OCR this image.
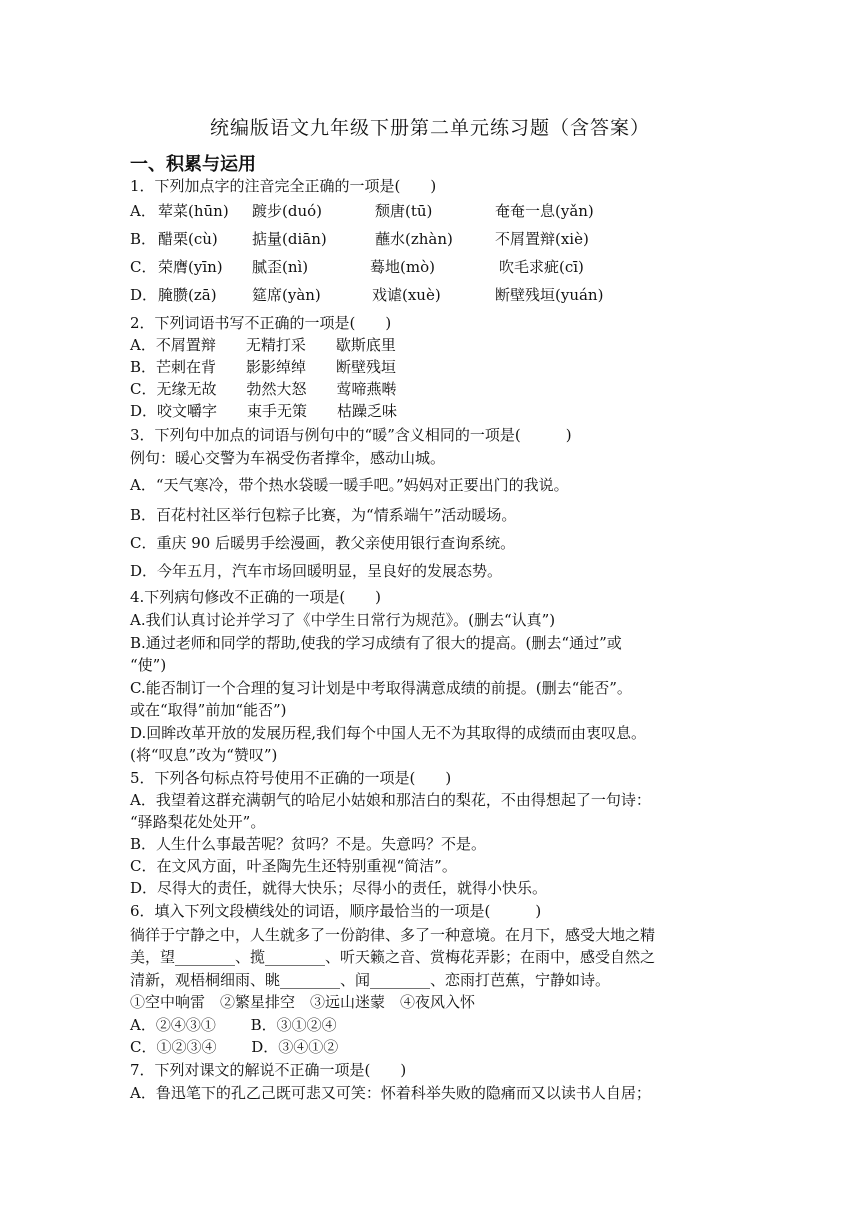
统编版语文九年级下册第二单元练习题（含答案）
一、积累与运用
1．下列加点字的注音完全正确的一项是(　　)
A． 荤菜(hūn) 踱步(duó)	颓唐(tū)	奄奄一息(yǎn)
B． 醋栗(cù) 掂量(diān)	蘸水(zhàn)	不屑置辩(xiè)
C． 荣膺(yīn) 腻歪(nì)	蓦地(mò)	吹毛求疵(cī)
D． 腌臜(zā) 筵席(yàn)	戏谑(xuè)	断壁残垣(yuán)
2．下列词语书写不正确的一项是(　　)
A．不屑置辩　　无精打采　　歇斯底里
B．芒刺在背　　影影绰绰　　断壁残垣
C．无缘无故　　勃然大怒　　莺啼燕啭
D．咬文嚼字　　束手无策　　枯躁乏味
3．下列句中加点的词语与例句中的“暖”含义相同的一项是(　　　)
例句：暖心交警为车祸受伤者撑伞，感动山城。
A．“天气寒冷，带个热水袋暖一暖手吧。”妈妈对正要出门的我说。
B．百花村社区举行包粽子比赛，为“情系端午”活动暖场。
C．重庆 90 后暖男手绘漫画，教父亲使用银行查询系统。
D．今年五月，汽车市场回暖明显，呈良好的发展态势。
4.下列病句修改不正确的一项是(　　)
A.我们认真讨论并学习了《中学生日常行为规范》。(删去“认真”)
B.通过老师和同学的帮助,使我的学习成绩有了很大的提高。(删去“通过”或
“使”)
C.能否制订一个合理的复习计划是中考取得满意成绩的前提。(删去“能否”。
或在“取得”前加“能否”)
D.回眸改革开放的发展历程,我们每个中国人无不为其取得的成绩而由衷叹息。
(将“叹息”改为“赞叹”)
5．下列各句标点符号使用不正确的一项是(　　)
A．我望着这群充满朝气的哈尼小姑娘和那洁白的梨花，不由得想起了一句诗：
“驿路梨花处处开”。
B．人生什么事最苦呢？贫吗？不是。失意吗？不是。
C．在文风方面，叶圣陶先生还特别重视“简洁”。
D．尽得大的责任，就得大快乐；尽得小的责任，就得小快乐。
6．填入下列文段横线处的词语，顺序最恰当的一项是(　　　)
徜徉于宁静之中，人生就多了一份韵律、多了一种意境。在月下，感受大地之精
美，望________、揽________、听天籁之音、赏梅花弄影；在雨中，感受自然之
清新，观梧桐细雨、眺________、闻________、恋雨打芭蕉，宁静如诗。
①空中响雷　②繁星排空　③远山迷蒙　④夜风入怀
A．②④③①　　 B．③①②④
C．①②③④　　 D．③④①②
7．下列对课文的解说不正确一项是(　　)
A．鲁迅笔下的孔乙己既可悲又可笑：怀着科举失败的隐痛而又以读书人自居；
